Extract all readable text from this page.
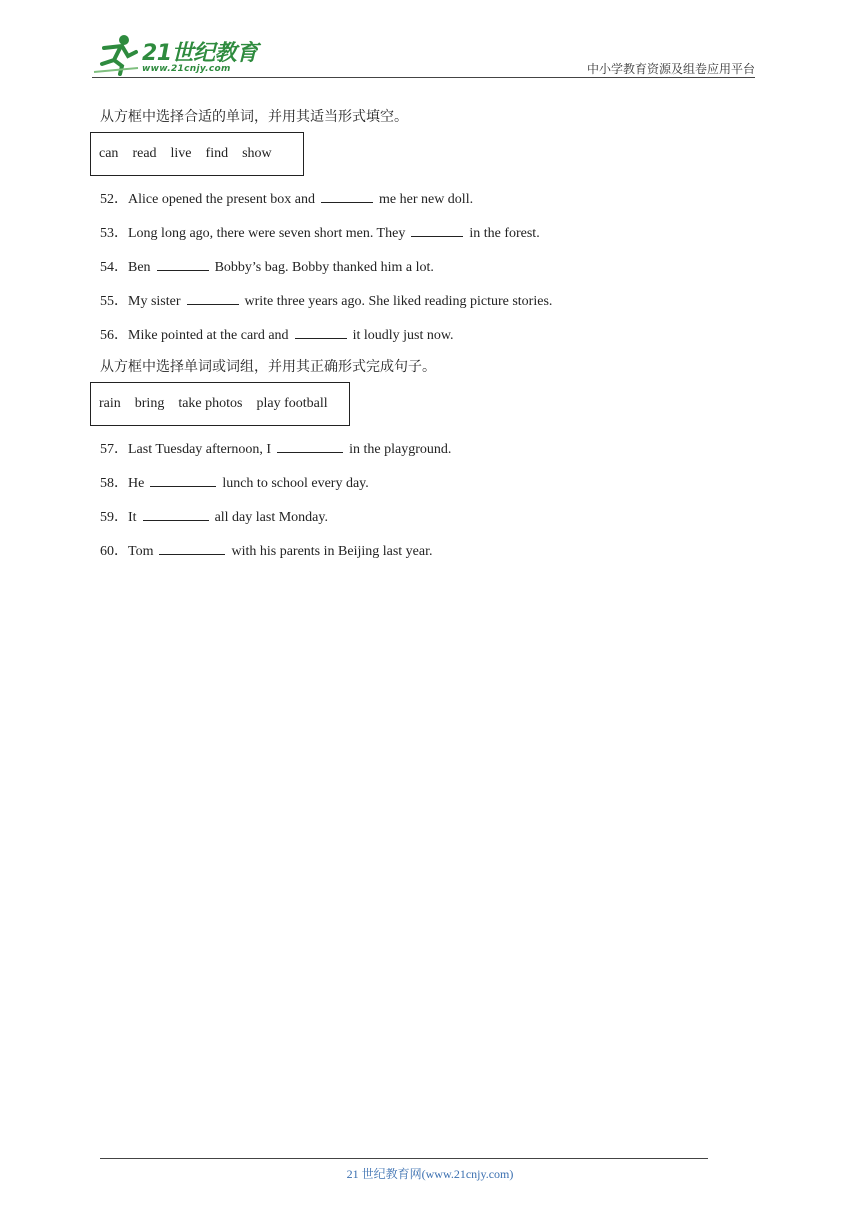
21世纪教育
www.21cnjy.com	中小学教育资源及组卷应用平台
从方框中选择合适的单词，并用其适当形式填空。
can read live find show
52．Alice opened the present box and	me her new doll.
53．Long long ago, there were seven short men. They	in the forest.
54．Ben	Bobby’s bag. Bobby thanked him a lot.
55．My sister	write three years ago. She liked reading picture stories.
56．Mike pointed at the card and	it loudly just now.
从方框中选择单词或词组，并用其正确形式完成句子。
rain bring take photos play football
57．Last Tuesday afternoon, I	in the playground.
58．He	lunch to school every day.
59．It	all day last Monday.
60．Tom	with his parents in Beijing last year.
21 世纪教育网(www.21cnjy.com)
